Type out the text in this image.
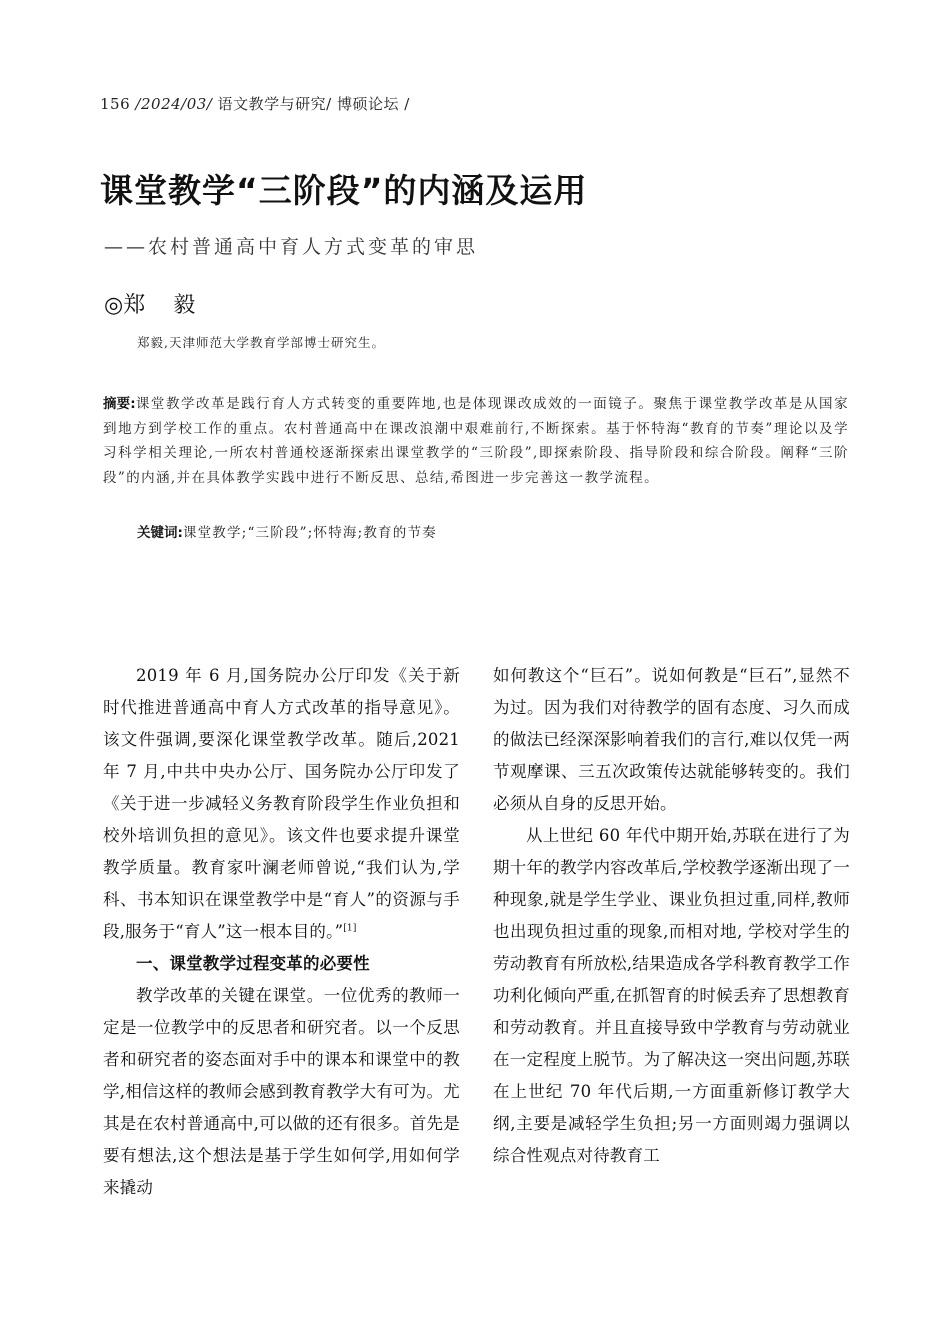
156 /2024/03/ 语文教学与研究/ 博硕论坛 /
课堂教学“三阶段”的内涵及运用
——农村普通高中育人方式变革的审思
◎郑 毅
郑毅,天津师范大学教育学部博士研究生。

摘要:课堂教学改革是践行育人方式转变的重要阵地,也是体现课改成效的一面镜子。聚焦于课堂教学改革是从国家到地方到学校工作的重点。农村普通高中在课改浪潮中艰难前行,不断探索。基于怀特海“教育的节奏”理论以及学习科学相关理论,一所农村普通校逐渐探索出课堂教学的“三阶段”,即探索阶段、指导阶段和综合阶段。阐释“三阶段”的内涵,并在具体教学实践中进行不断反思、总结,希图进一步完善这一教学流程。

关键词:课堂教学;“三阶段”;怀特海;教育的节奏

2019 年 6 月,国务院办公厅印发《关于新时代推进普通高中育人方式改革的指导意见》。该文件强调,要深化课堂教学改革。随后,2021 年 7 月,中共中央办公厅、国务院办公厅印发了《关于进一步减轻义务教育阶段学生作业负担和校外培训负担的意见》。该文件也要求提升课堂教学质量。教育家叶澜老师曾说,“我们认为,学科、书本知识在课堂教学中是“育人”的资源与手段,服务于“育人”这一根本目的。”[1]

一、课堂教学过程变革的必要性

教学改革的关键在课堂。一位优秀的教师一定是一位教学中的反思者和研究者。以一个反思者和研究者的姿态面对手中的课本和课堂中的教学,相信这样的教师会感到教育教学大有可为。尤其是在农村普通高中,可以做的还有很多。首先是要有想法,这个想法是基于学生如何学,用如何学来撬动

如何教这个“巨石”。说如何教是“巨石”,显然不为过。因为我们对待教学的固有态度、习久而成的做法已经深深影响着我们的言行,难以仅凭一两节观摩课、三五次政策传达就能够转变的。我们必须从自身的反思开始。

从上世纪 60 年代中期开始,苏联在进行了为期十年的教学内容改革后,学校教学逐渐出现了一种现象,就是学生学业、课业负担过重,同样,教师也出现负担过重的现象,而相对地, 学校对学生的劳动教育有所放松,结果造成各学科教育教学工作功利化倾向严重,在抓智育的时候丢弃了思想教育和劳动教育。并且直接导致中学教育与劳动就业在一定程度上脱节。为了解决这一突出问题,苏联在上世纪 70 年代后期,一方面重新修订教学大纲,主要是减轻学生负担;另一方面则竭力强调以综合性观点对待教育工
